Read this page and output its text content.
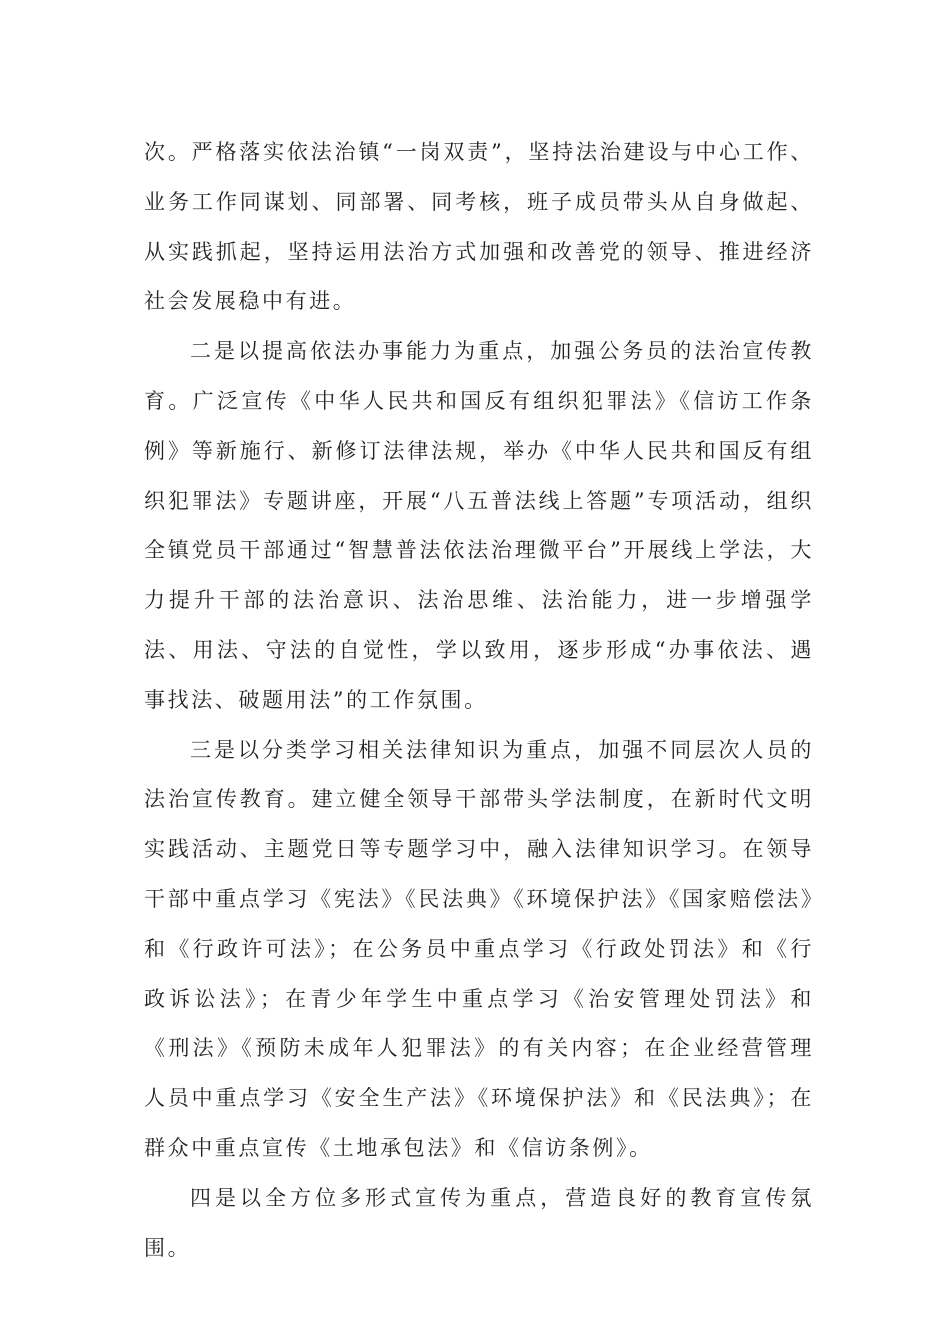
次。严格落实依法治镇“一岗双责”，坚持法治建设与中心工作、业务工作同谋划、同部署、同考核，班子成员带头从自身做起、从实践抓起，坚持运用法治方式加强和改善党的领导、推进经济社会发展稳中有进。

二是以提高依法办事能力为重点，加强公务员的法治宣传教育。广泛宣传《中华人民共和国反有组织犯罪法》《信访工作条例》等新施行、新修订法律法规，举办《中华人民共和国反有组织犯罪法》专题讲座，开展“八五普法线上答题”专项活动，组织全镇党员干部通过“智慧普法依法治理微平台”开展线上学法，大力提升干部的法治意识、法治思维、法治能力，进一步增强学法、用法、守法的自觉性，学以致用，逐步形成“办事依法、遇事找法、破题用法”的工作氛围。

三是以分类学习相关法律知识为重点，加强不同层次人员的法治宣传教育。建立健全领导干部带头学法制度，在新时代文明实践活动、主题党日等专题学习中，融入法律知识学习。在领导干部中重点学习《宪法》《民法典》《环境保护法》《国家赔偿法》和《行政许可法》；在公务员中重点学习《行政处罚法》和《行政诉讼法》；在青少年学生中重点学习《治安管理处罚法》和《刑法》《预防未成年人犯罪法》的有关内容；在企业经营管理人员中重点学习《安全生产法》《环境保护法》和《民法典》；在群众中重点宣传《土地承包法》和《信访条例》。

四是以全方位多形式宣传为重点，营造良好的教育宣传氛围。
